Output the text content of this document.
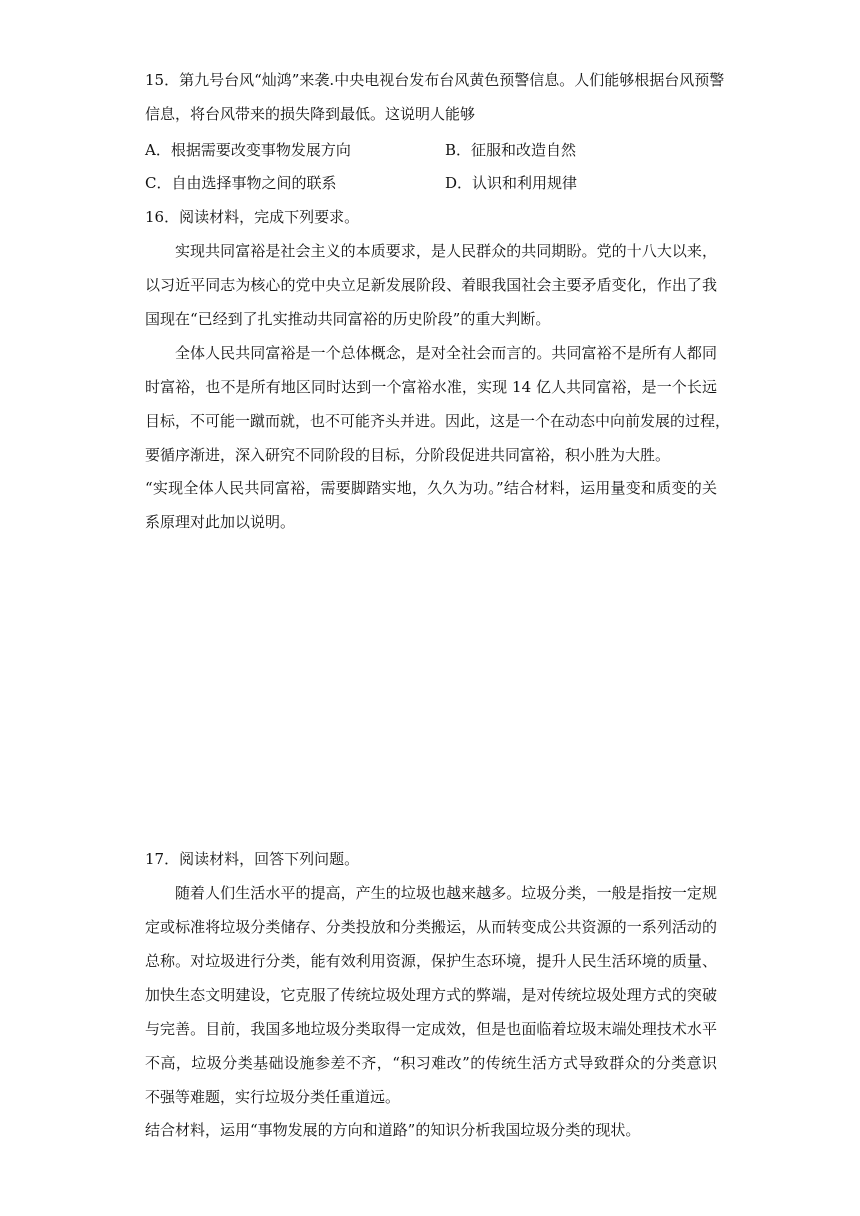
15．第九号台风“灿鸿”来袭.中央电视台发布台风黄色预警信息。人们能够根据台风预警
信息，将台风带来的损失降到最低。这说明人能够
A．根据需要改变事物发展方向	B．征服和改造自然
C．自由选择事物之间的联系	D．认识和利用规律
16．阅读材料，完成下列要求。
实现共同富裕是社会主义的本质要求，是人民群众的共同期盼。党的十八大以来，
以习近平同志为核心的党中央立足新发展阶段、着眼我国社会主要矛盾变化，作出了我
国现在“已经到了扎实推动共同富裕的历史阶段”的重大判断。
全体人民共同富裕是一个总体概念，是对全社会而言的。共同富裕不是所有人都同
时富裕，也不是所有地区同时达到一个富裕水准，实现 14 亿人共同富裕，是一个长远
目标，不可能一蹴而就，也不可能齐头并进。因此，这是一个在动态中向前发展的过程，
要循序渐进，深入研究不同阶段的目标，分阶段促进共同富裕，积小胜为大胜。
“实现全体人民共同富裕，需要脚踏实地，久久为功。”结合材料，运用量变和质变的关
系原理对此加以说明。
17．阅读材料，回答下列问题。
随着人们生活水平的提高，产生的垃圾也越来越多。垃圾分类，一般是指按一定规
定或标准将垃圾分类储存、分类投放和分类搬运，从而转变成公共资源的一系列活动的
总称。对垃圾进行分类，能有效利用资源，保护生态环境，提升人民生活环境的质量、
加快生态文明建设，它克服了传统垃圾处理方式的弊端，是对传统垃圾处理方式的突破
与完善。目前，我国多地垃圾分类取得一定成效，但是也面临着垃圾末端处理技术水平
不高，垃圾分类基础设施参差不齐，“积习难改”的传统生活方式导致群众的分类意识
不强等难题，实行垃圾分类任重道远。
结合材料，运用“事物发展的方向和道路”的知识分析我国垃圾分类的现状。
